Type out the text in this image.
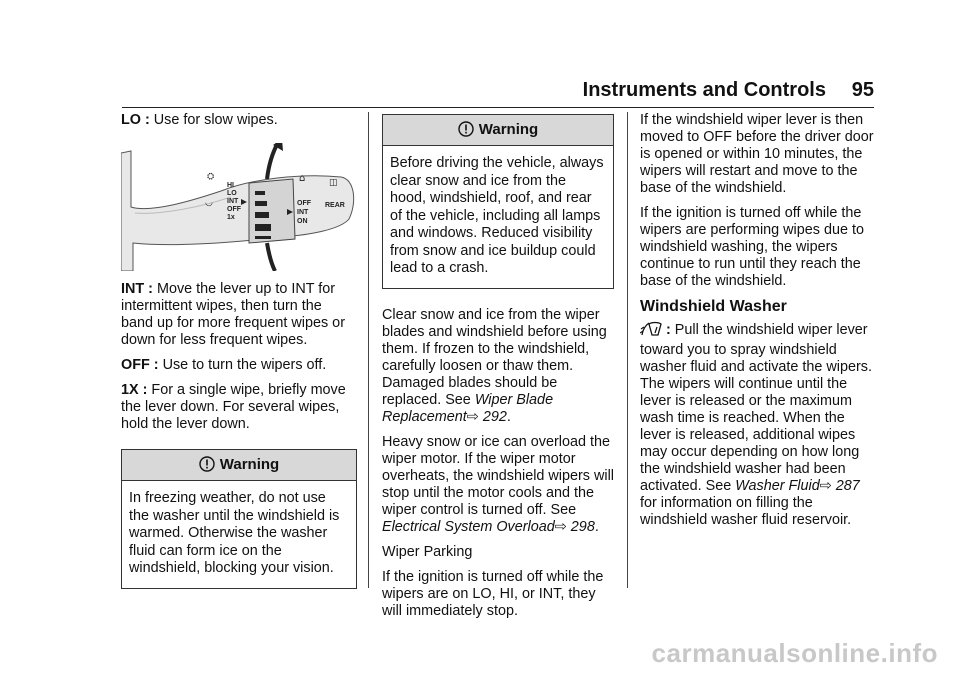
Instruments and Controls 95

LO : Use for slow wipes.

⛭
◡
HI
LO
INT
OFF
1x
⌂	◫
OFF
INT
ON
REAR

INT : Move the lever up to INT for intermittent wipes, then turn the band up for more frequent wipes or down for less frequent wipes.

OFF : Use to turn the wipers off.

1X : For a single wipe, briefly move the lever down. For several wipes, hold the lever down.

Warning
In freezing weather, do not use the washer until the windshield is warmed. Otherwise the washer fluid can form ice on the windshield, blocking your vision.
Warning
Before driving the vehicle, always clear snow and ice from the hood, windshield, roof, and rear of the vehicle, including all lamps and windows. Reduced visibility from snow and ice buildup could lead to a crash.

Clear snow and ice from the wiper blades and windshield before using them. If frozen to the windshield, carefully loosen or thaw them. Damaged blades should be replaced. See Wiper Blade Replacement⇨ 292.

Heavy snow or ice can overload the wiper motor. If the wiper motor overheats, the windshield wipers will stop until the motor cools and the wiper control is turned off. See Electrical System Overload⇨ 298.

Wiper Parking

If the ignition is turned off while the wipers are on LO, HI, or INT, they will immediately stop.

If the windshield wiper lever is then moved to OFF before the driver door is opened or within 10 minutes, the wipers will restart and move to the base of the windshield.

If the ignition is turned off while the wipers are performing wipes due to windshield washing, the wipers continue to run until they reach the base of the windshield.

Windshield Washer

: Pull the windshield wiper lever toward you to spray windshield washer fluid and activate the wipers. The wipers will continue until the lever is released or the maximum wash time is reached. When the lever is released, additional wipes may occur depending on how long the windshield washer had been activated. See Washer Fluid⇨ 287 for information on filling the windshield washer fluid reservoir.

carmanualsonline.info
